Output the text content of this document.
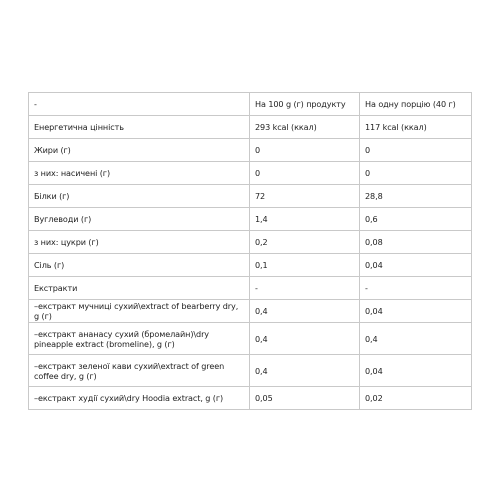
-	На 100 g (г) продукту	На одну порцію (40 г)
Енергетична цінність	293 kcal (ккал)	117 kcal (ккал)
Жири (г)	0	0
з них: насичені (г)	0	0
Білки (г)	72	28,8
Вуглеводи (г)	1,4	0,6
з них: цукри (г)	0,2	0,08
Сіль (г)	0,1	0,04
Екстракти	-	-
–екстракт мучниці сухий\extract of bearberry dry, g (г)	0,4	0,04
–екстракт ананасу сухий (бромелайн)\dry pineapple extract (bromeline), g (г)	0,4	0,4
–екстракт зеленої кави сухий\extract of green coffee dry, g (г)	0,4	0,04
–екстракт худії сухий\dry Hoodia extract, g (г)	0,05	0,02
